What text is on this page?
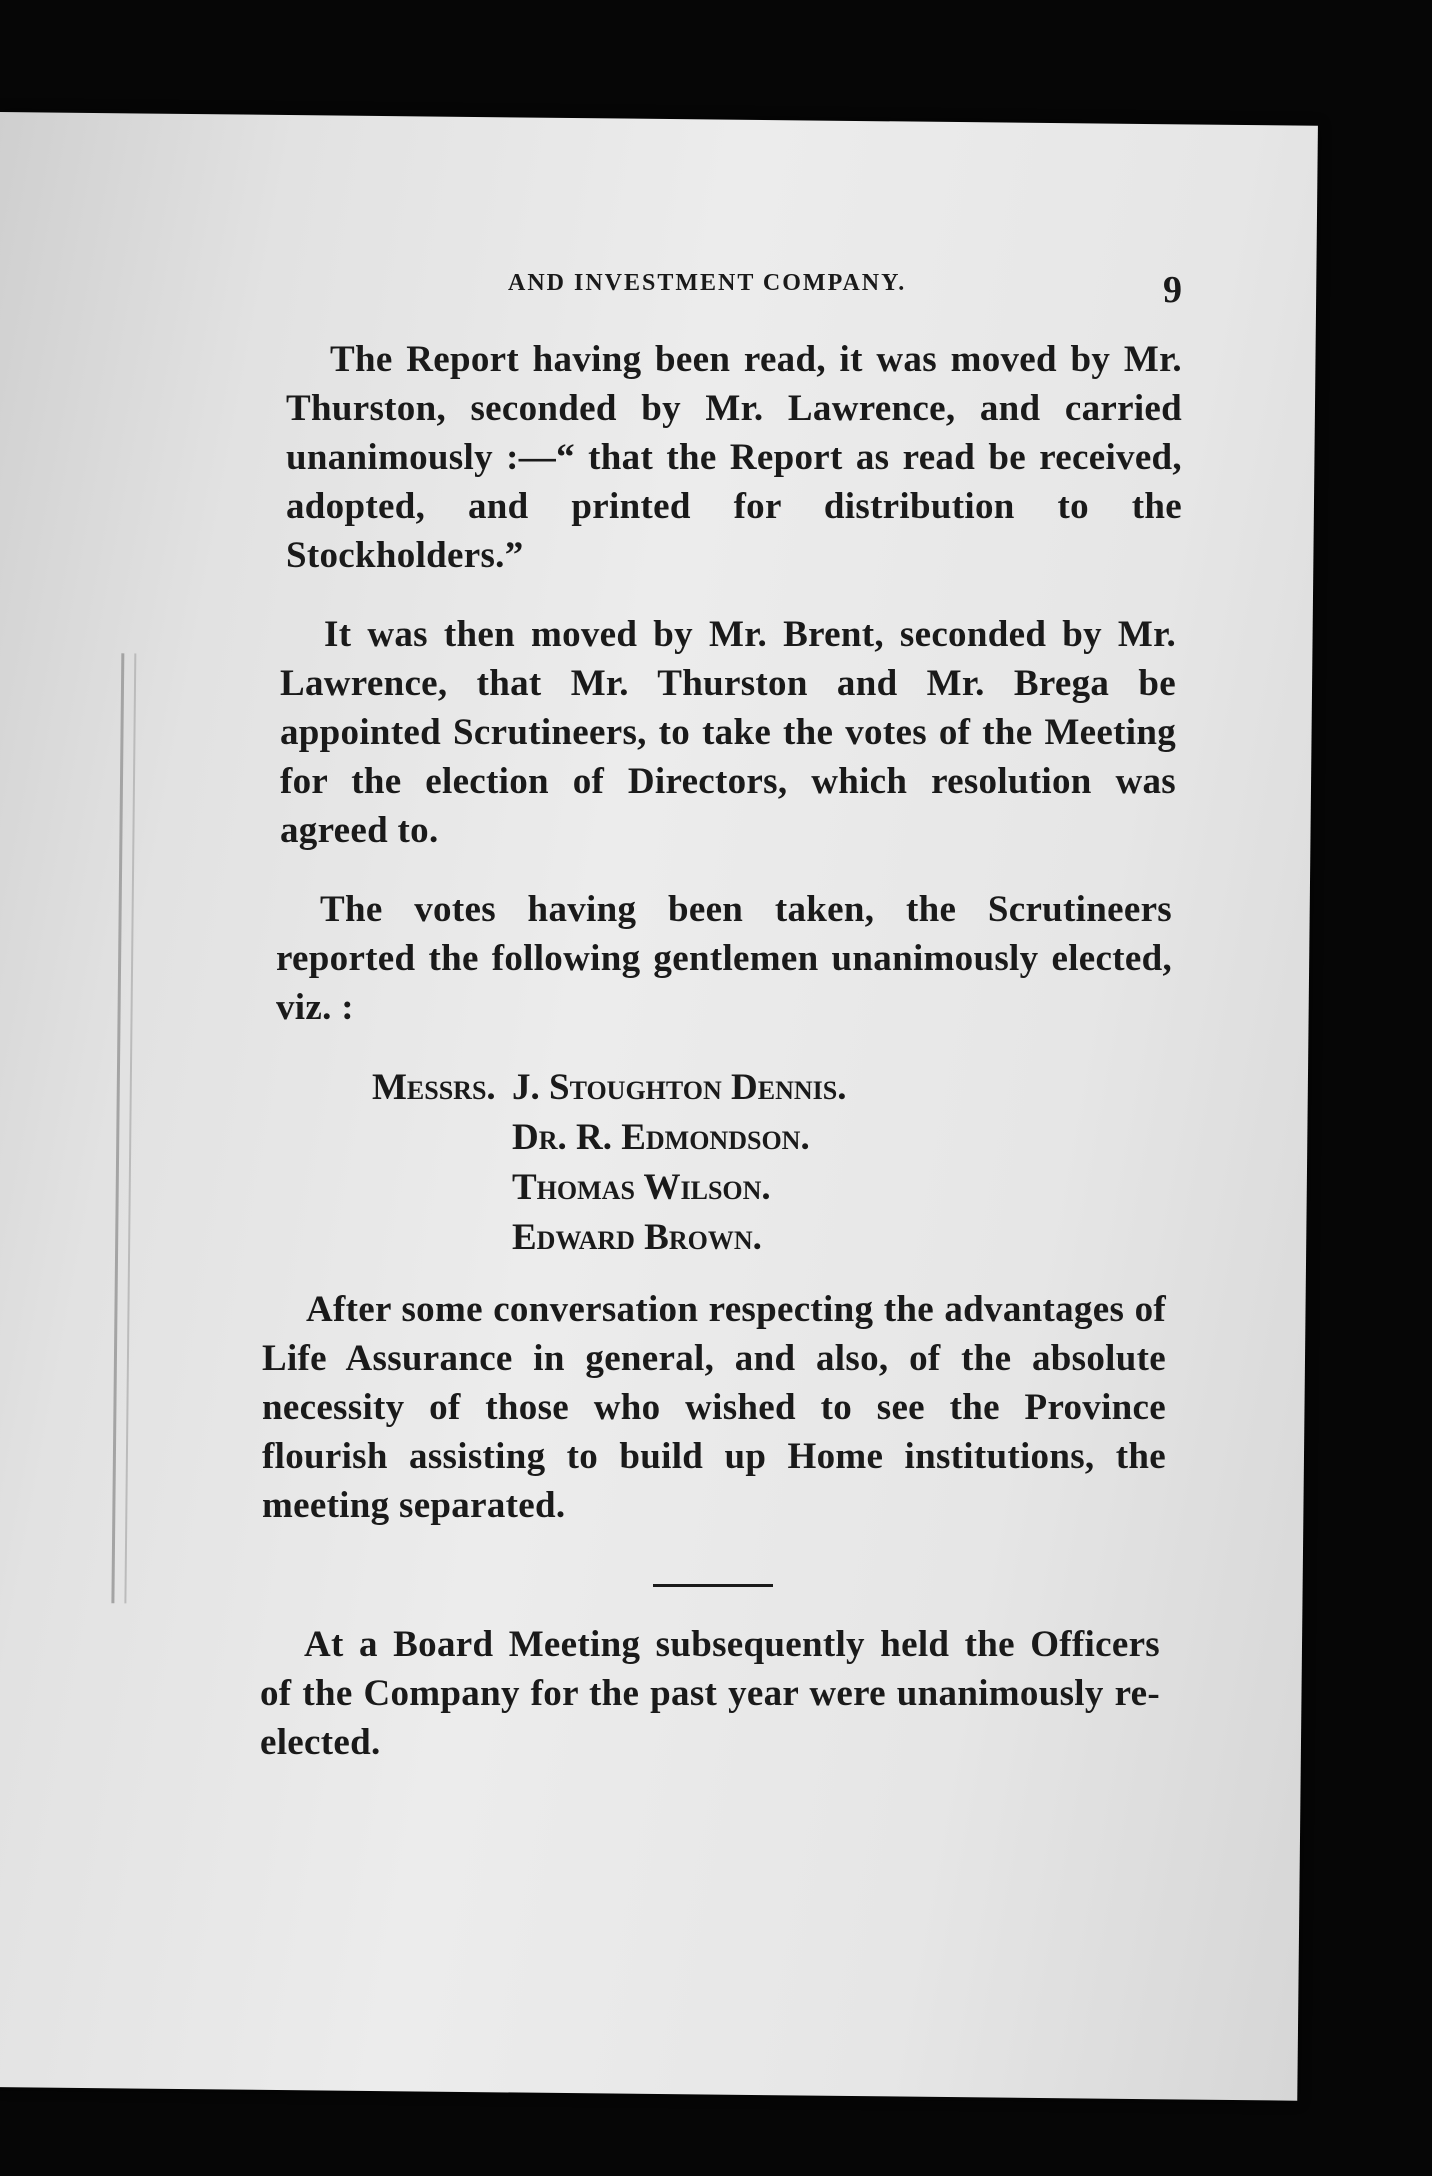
AND INVESTMENT COMPANY.	9
The Report having been read, it was moved by Mr. Thurston, seconded by Mr. Lawrence, and carried unanimously :—“ that the Report as read be received, adopted, and printed for distribution to the Stockholders.”
It was then moved by Mr. Brent, seconded by Mr. Lawrence, that Mr. Thurston and Mr. Brega be appointed Scrutineers, to take the votes of the Meeting for the election of Directors, which resolution was agreed to.
The votes having been taken, the Scrutineers reported the following gentlemen unanimously elected, viz. :
Messrs. J. Stoughton Dennis.
Dr. R. Edmondson.
Thomas Wilson.
Edward Brown.
After some conversation respecting the advantages of Life Assurance in general, and also, of the absolute necessity of those who wished to see the Province flourish assisting to build up Home institutions, the meeting separated.
At a Board Meeting subsequently held the Officers of the Company for the past year were unanimously re-elected.
